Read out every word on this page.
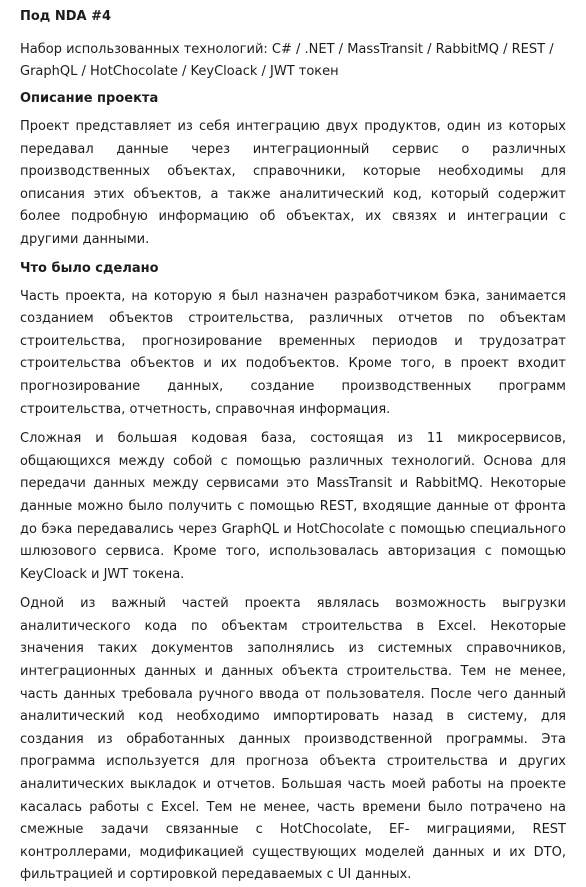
Под NDA #4
Набор использованных технологий: C# / .NET / MassTransit / RabbitMQ / REST / GraphQL / HotChocolate / KeyCloack / JWT токен
Описание проекта
Проект представляет из себя интеграцию двух продуктов, один из которых передавал данные через интеграционный сервис о различных производственных объектах, справочники, которые необходимы для описания этих объектов, а также аналитический код, который содержит более подробную информацию об объектах, их связях и интеграции с другими данными.
Что было сделано
Часть проекта, на которую я был назначен разработчиком бэка, занимается созданием объектов строительства, различных отчетов по объектам строительства, прогнозирование временных периодов и трудозатрат строительства объектов и их подобъектов. Кроме того, в проект входит прогнозирование данных, создание производственных программ строительства, отчетность, справочная информация.
Сложная и большая кодовая база, состоящая из 11 микросервисов, общающихся между собой с помощью различных технологий. Основа для передачи данных между сервисами это MassTransit и RabbitMQ. Некоторые данные можно было получить с помощью REST, входящие данные от фронта до бэка передавались через GraphQL и HotChocolate с помощью специального шлюзового сервиса. Кроме того, использовалась авторизация с помощью KeyCloack и JWT токена.
Одной из важный частей проекта являлась возможность выгрузки аналитического кода по объектам строительства в Excel. Некоторые значения таких документов заполнялись из системных справочников, интеграционных данных и данных объекта строительства. Тем не менее, часть данных требовала ручного ввода от пользователя. После чего данный аналитический код необходимо импортировать назад в систему, для создания из обработанных данных производственной программы. Эта программа используется для прогноза объекта строительства и других аналитических выкладок и отчетов. Большая часть моей работы на проекте касалась работы с Excel. Тем не менее, часть времени было потрачено на смежные задачи связанные с HotChocolate, EF- миграциями, REST контроллерами, модификацией существующих моделей данных и их DTO, фильтрацией и сортировкой передаваемых с UI данных.
